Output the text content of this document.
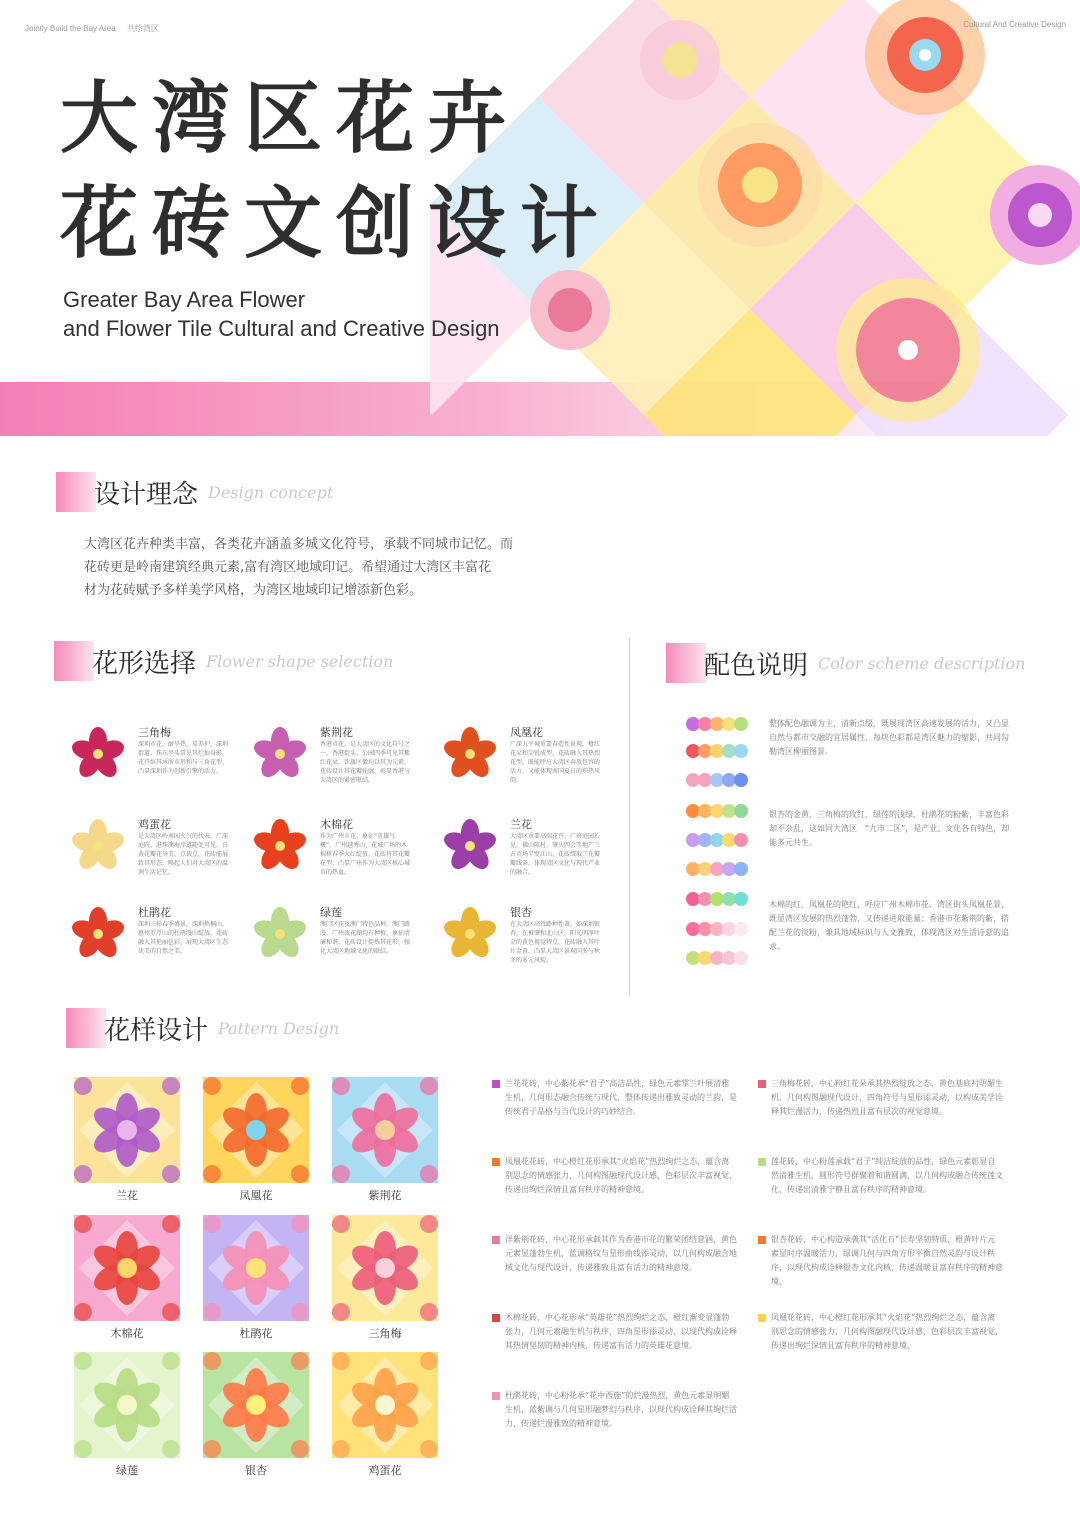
Jointly Build the Bay Area 共绘湾区	Cultural And Creative Design
大湾区花卉
花砖文创设计
Greater Bay Area Flower
and Flower Tile Cultural and Creative Design
设计理念 Design concept
大湾区花卉种类丰富，各类花卉涵盖多城文化符号，承载不同城市记忆。而
花砖更是岭南建筑经典元素,富有湾区地域印记。希望通过大湾区丰富花
材为花砖赋予多样美学风格，为湾区地域印记增添新色彩。
花形选择 Flower shape selection
三角梅
深圳市花，耐旱热，易养护，深圳街道、珠东坐头常见其烂灿身影，花卉缤其承所市形和与三角花型，凸显深圳作为创新引擎的活力。
紫荆花
香港市花，是大湾区的文化符号之一，香港街头、公园四季可见其紫红花朵，饮旗区徽均以其为元素，花砖设计其花瓣轮廓，彰显香港与大湾区的紧密联结。
凤凰花
广深五平城重要春造性景观，橙红花朵和尖锐成型，花砖融入其热烈花型，既能呼应大湾区奔放包容的活力，又能体现南国夏日的炽热风韵。
鸡蛋花
是大湾区岭南园火气的代表，广深庭院、港珠澳海岸道随处可见，白黄花瓣花身美，点载点，花砖能展致其形态，唤起人们对大湾区的温润生活记忆。
木棉花
作为广州市花，象征“英雄气概”，广州越秀山、花城广场的木棉树春季火红绽放，花砖将其花瓣花型，凸显广州作为大湾区核心城市的热血。
兰花
大湾区重要高端花卉，广府庭园长见，佛山陈村、肇庆四会等地产兰占市场半壁江山，花砖缀取兰花瓣瓣线条，体现湾区文化与现代产业的融合。
杜鹃花
深圳三样春季盛景，深圳梧桐山、惠州罗浮山的杜鹃漫山绽放，花砖融入其艳丽色彩，展现大湾区生态优美的自然之美。
绿莲
澳门区花及澳门特色品种，澳门路漫、广州流花湖均有种植，象征清廉和谐，花砖设计提炼其花形，强化大湾区地域文化的联结。
银杏
在大湾区高耸路种性著，如深圳银杏，在被肇和北山区，阳光明净叶金的黄色视觉特点，花砖融入其叶片金黄，凸显大湾区景观国多与秋冬的多元风貌。
配色说明 Color scheme description
整体配色融调为主，清新点缀，既展现湾区高速发展的活力，又凸显自然与都市交融的宜居属性，每块色彩都是湾区魅力的缩影，共同勾勒湾区柳丽图景。
银杏的金黄、三角梅的玫红、绿莲的浅绿、杜鹃花的粉紫，丰富色彩却不杂乱，这如同大湾区　“九市二区”，是产业、文化各有特色，却能多元共生。
木棉的红、凤凰花的艳红，呼应广州木棉市花、湾区街头凤凰花景，既显湾区发展的热烈蓬勃，又传递进取能量；香港市花紫荆的紫，搭配兰花的淡粉，兼具地域标识与人文雅致，体现湾区对生活诗意的追求。
花样设计 Pattern Design
兰花	凤凰花	紫荆花
木棉花	杜鹃花	三角梅
绿莲	银杏	鸡蛋花
兰花花砖，中心紫花承“君子”高洁品性，绿色元素掌兰叶展清雅生机，几何形态融合传统与现代，整体传递出雅致灵动的兰韵，是传统君子品格与当代设计的巧妙结合。
凤凰花花砖，中心橙红花形承其“火焰花”热烈绚烂之态，蕴含离别思念的情感张力，几何构图融现代设计感，色彩层次丰富视觉，传递出绚烂深情且富有秩序的精神意境。
洋紫荆花砖，中心花形承载其作为香港市花的繁荣团结意涵，黄色元素显蓬勃生机，蓝调格纹与星形曲线添灵动，以几何构成融合地域文化与现代设计，传递雅致且富有活力的精神意境。
木棉花砖，中心花形承“英雄花”热烈绚烂之态，橙红渐变显蓬勃张力，几何元素融生机与秩序，四角星形添灵动，以现代构成诠释其热情坚韧的精神内核，传递富有活力的英雄花意境。
杜鹃花砖，中心粉花承“花中西施”的烂漫热烈，黄色元素显明媚生机，蓝紫调与几何星形融梦幻与秩序，以现代构成诠释其绚烂活力，传递烂漫雅致的精神意境。
三角梅花砖，中心粉红花朵承其热烈绽放之态，黄色基底衬明媚生机，几何构图融现代设计，四角符号与星形添灵动，以构成美学诠释其烂漫活力，传递热烈且富有层次的视觉意境。
莲花砖，中心粉莲承载“君子”纯洁绽放的品性，绿色元素彰显自然清雅生机，圆形符号群聚着和谐圆满，以几何构成融合传统莲文化，传递出清雅宁静且富有秩序的精神意境。
银杏花砖，中心构造承袭其“活化石”长寿坚韧特质，橙黄叶片元素显时序温暖活力，绿调几何与四角方形平衡自然灵韵与设计秩序，以现代构成诠释银杏文化内核，传递温暖且富有秩序的精神意境。
凤凰花花砖，中心橙红花形承其“火焰花”热烈绚烂之态，蕴含离别思念的情感张力，几何构图融现代设计感，色彩层次丰富视觉，传递出绚烂深情且富有秩序的精神意境。
